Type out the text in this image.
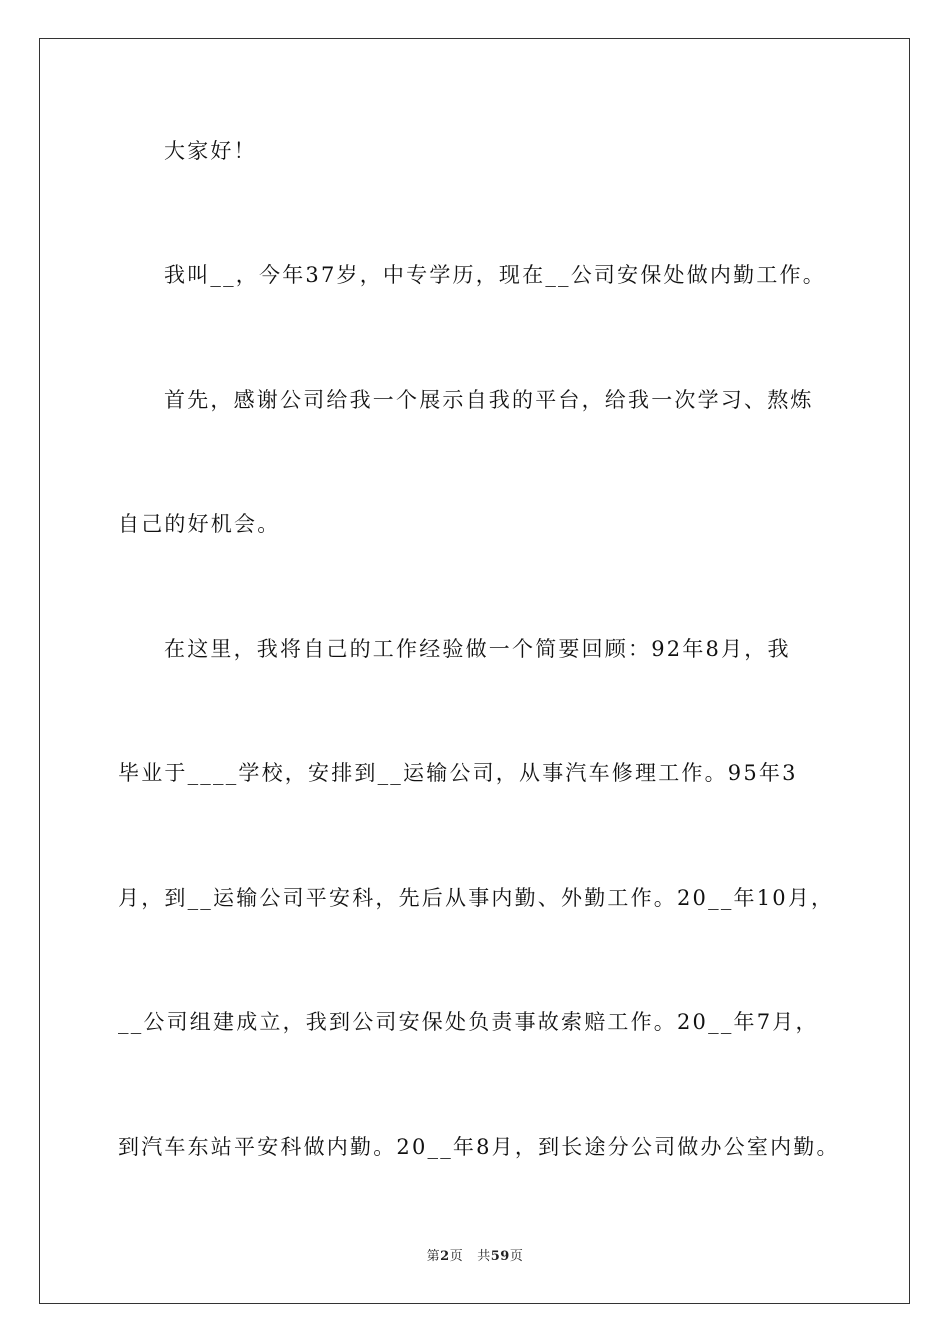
大家好！
我叫__，今年37岁，中专学历，现在__公司安保处做内勤工作。
首先，感谢公司给我一个展示自我的平台，给我一次学习、熬炼
自己的好机会。
在这里，我将自己的工作经验做一个简要回顾：92年8月，我
毕业于____学校，安排到__运输公司，从事汽车修理工作。95年3
月，到__运输公司平安科，先后从事内勤、外勤工作。20__年10月，
__公司组建成立，我到公司安保处负责事故索赔工作。20__年7月，
到汽车东站平安科做内勤。20__年8月，到长途分公司做办公室内勤。
第2页 共59页
